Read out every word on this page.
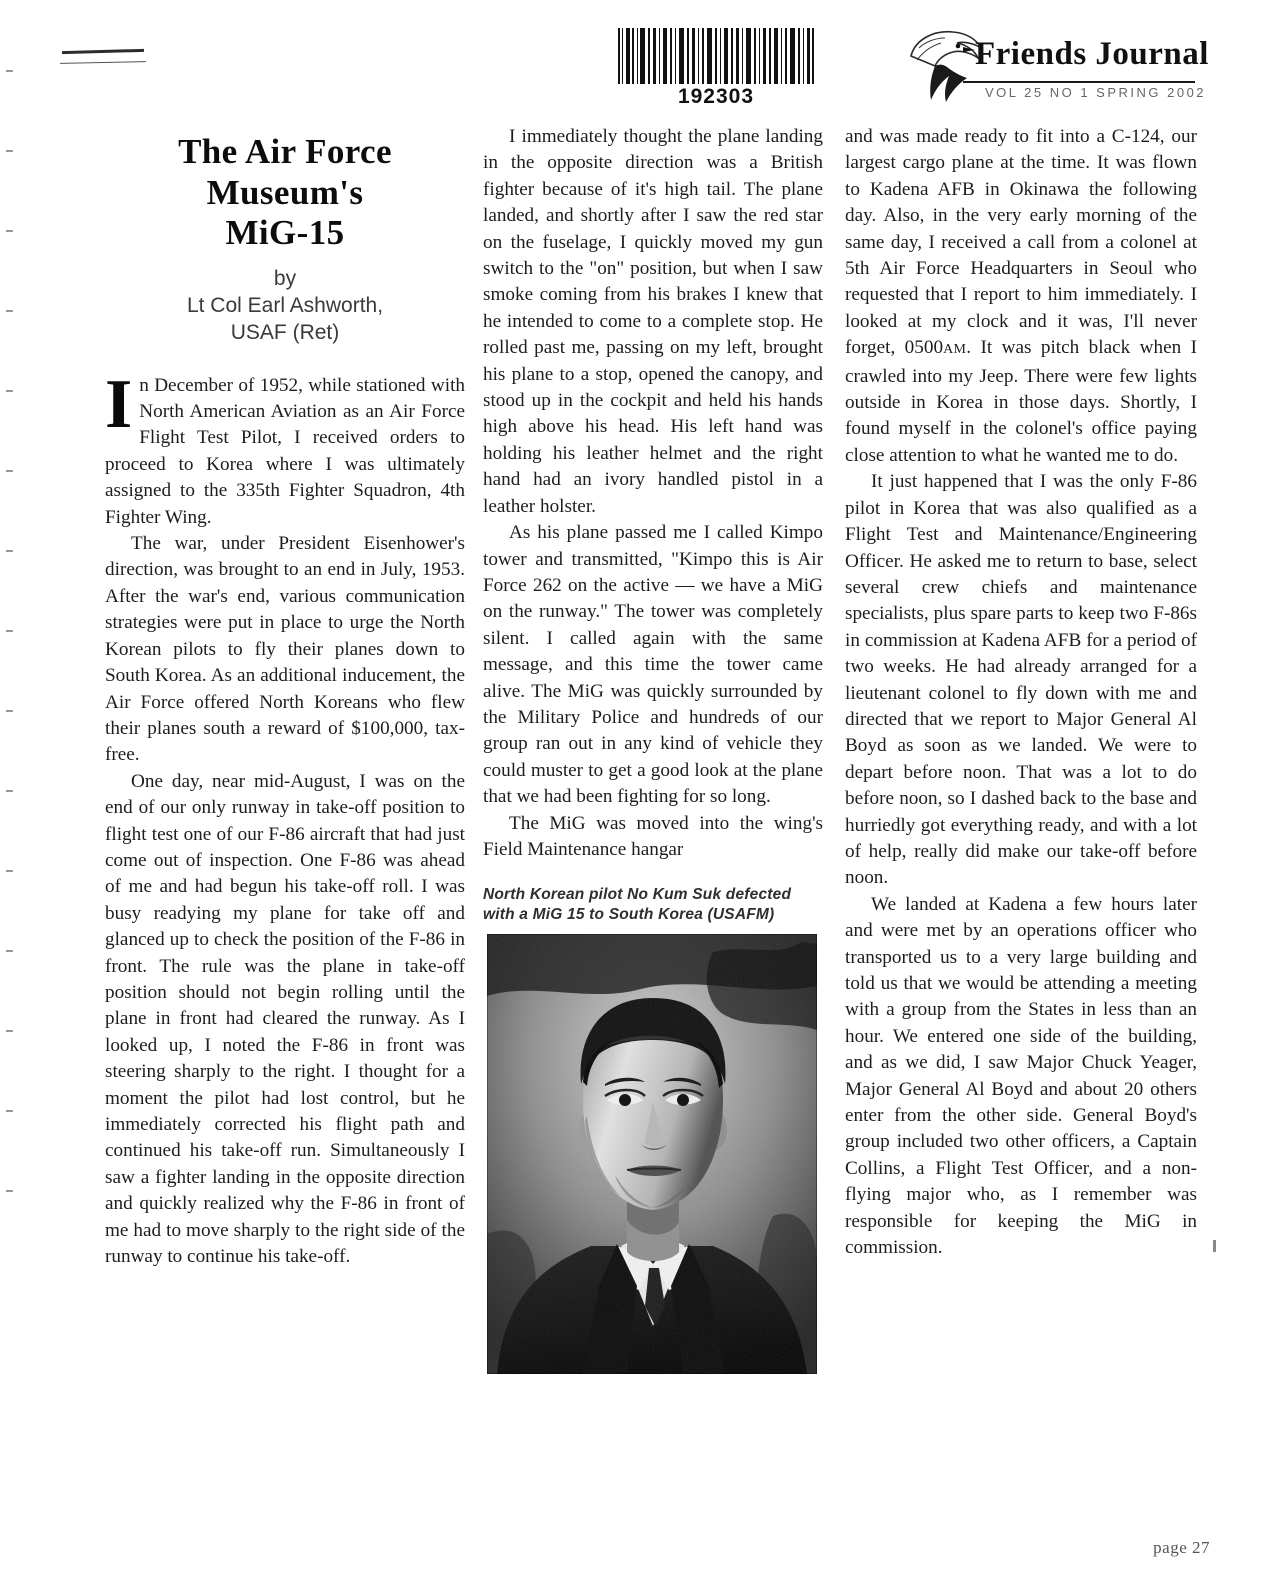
192303
Friends Journal
VOL 25 NO 1 SPRING 2002
The Air Force
Museum's
MiG-15
by
Lt Col Earl Ashworth,
USAF (Ret)

In December of 1952, while stationed with North American Aviation as an Air Force Flight Test Pilot, I received orders to proceed to Korea where I was ultimately assigned to the 335th Fighter Squadron, 4th Fighter Wing.

The war, under President Eisenhower's direction, was brought to an end in July, 1953. After the war's end, various communication strategies were put in place to urge the North Korean pilots to fly their planes down to South Korea. As an additional inducement, the Air Force offered North Koreans who flew their planes south a reward of $100,000, tax-free.

One day, near mid-August, I was on the end of our only runway in take-off position to flight test one of our F-86 aircraft that had just come out of inspection. One F-86 was ahead of me and had begun his take-off roll. I was busy readying my plane for take off and glanced up to check the position of the F-86 in front. The rule was the plane in take-off position should not begin rolling until the plane in front had cleared the runway. As I looked up, I noted the F-86 in front was steering sharply to the right. I thought for a moment the pilot had lost control, but he immediately corrected his flight path and continued his take-off run. Simultaneously I saw a fighter landing in the opposite direction and quickly realized why the F-86 in front of me had to move sharply to the right side of the runway to continue his take-off.

I immediately thought the plane landing in the opposite direction was a British fighter because of it's high tail. The plane landed, and shortly after I saw the red star on the fuselage, I quickly moved my gun switch to the "on" position, but when I saw smoke coming from his brakes I knew that he intended to come to a complete stop. He rolled past me, passing on my left, brought his plane to a stop, opened the canopy, and stood up in the cockpit and held his hands high above his head. His left hand was holding his leather helmet and the right hand had an ivory handled pistol in a leather holster.

As his plane passed me I called Kimpo tower and transmitted, "Kimpo this is Air Force 262 on the active — we have a MiG on the runway." The tower was completely silent. I called again with the same message, and this time the tower came alive. The MiG was quickly surrounded by the Military Police and hundreds of our group ran out in any kind of vehicle they could muster to get a good look at the plane that we had been fighting for so long.

The MiG was moved into the wing's Field Maintenance hangar

North Korean pilot No Kum Suk defected with a MiG 15 to South Korea (USAFM)

and was made ready to fit into a C-124, our largest cargo plane at the time. It was flown to Kadena AFB in Okinawa the following day. Also, in the very early morning of the same day, I received a call from a colonel at 5th Air Force Headquarters in Seoul who requested that I report to him immediately. I looked at my clock and it was, I'll never forget, 0500AM. It was pitch black when I crawled into my Jeep. There were few lights outside in Korea in those days. Shortly, I found myself in the colonel's office paying close attention to what he wanted me to do.

It just happened that I was the only F-86 pilot in Korea that was also qualified as a Flight Test and Maintenance/Engineering Officer. He asked me to return to base, select several crew chiefs and maintenance specialists, plus spare parts to keep two F-86s in commission at Kadena AFB for a period of two weeks. He had already arranged for a lieutenant colonel to fly down with me and directed that we report to Major General Al Boyd as soon as we landed. We were to depart before noon. That was a lot to do before noon, so I dashed back to the base and hurriedly got everything ready, and with a lot of help, really did make our take-off before noon.

We landed at Kadena a few hours later and were met by an operations officer who transported us to a very large building and told us that we would be attending a meeting with a group from the States in less than an hour. We entered one side of the building, and as we did, I saw Major Chuck Yeager, Major General Al Boyd and about 20 others enter from the other side. General Boyd's group included two other officers, a Captain Collins, a Flight Test Officer, and a non-flying major who, as I remember was responsible for keeping the MiG in commission.

page 27
